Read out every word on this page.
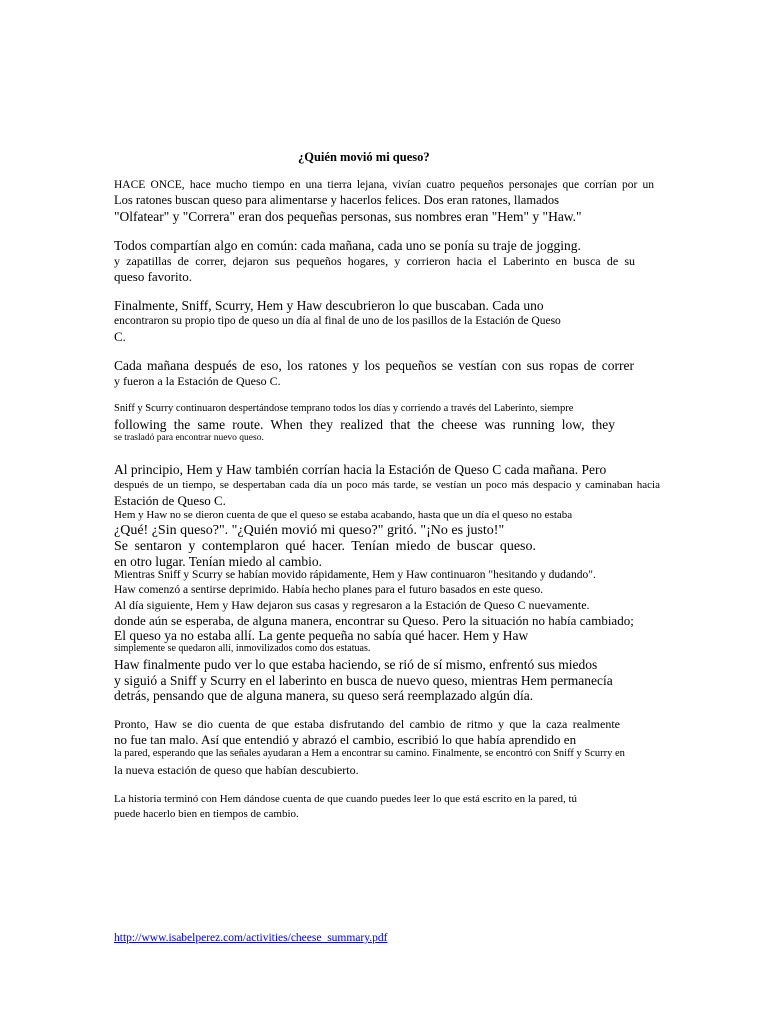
¿Quién movió mi queso?
HACE ONCE, hace mucho tiempo en una tierra lejana, vivían cuatro pequeños personajes que corrían por un
Los ratones buscan queso para alimentarse y hacerlos felices. Dos eran ratones, llamados
"Olfatear" y "Correra" eran dos pequeñas personas, sus nombres eran "Hem" y "Haw."
Todos compartían algo en común: cada mañana, cada uno se ponía su traje de jogging.
y zapatillas de correr, dejaron sus pequeños hogares, y corrieron hacia el Laberinto en busca de su
queso favorito.
Finalmente, Sniff, Scurry, Hem y Haw descubrieron lo que buscaban. Cada uno
encontraron su propio tipo de queso un día al final de uno de los pasillos de la Estación de Queso
C.
Cada mañana después de eso, los ratones y los pequeños se vestían con sus ropas de correr
y fueron a la Estación de Queso C.
Sniff y Scurry continuaron despertándose temprano todos los días y corriendo a través del Laberinto, siempre
following the same route. When they realized that the cheese was running low, they
se trasladó para encontrar nuevo queso.
Al principio, Hem y Haw también corrían hacia la Estación de Queso C cada mañana. Pero
después de un tiempo, se despertaban cada día un poco más tarde, se vestían un poco más despacio y caminaban hacia
Estación de Queso C.
Hem y Haw no se dieron cuenta de que el queso se estaba acabando, hasta que un día el queso no estaba
¿Qué! ¿Sin queso?". "¿Quién movió mi queso?" gritó. "¡No es justo!"
Se sentaron y contemplaron qué hacer. Tenían miedo de buscar queso.
en otro lugar. Tenían miedo al cambio.
Mientras Sniff y Scurry se habían movido rápidamente, Hem y Haw continuaron "hesitando y dudando".
Haw comenzó a sentirse deprimido. Había hecho planes para el futuro basados en este queso.
Al día siguiente, Hem y Haw dejaron sus casas y regresaron a la Estación de Queso C nuevamente.
donde aún se esperaba, de alguna manera, encontrar su Queso. Pero la situación no había cambiado;
El queso ya no estaba allí. La gente pequeña no sabía qué hacer. Hem y Haw
simplemente se quedaron allí, inmovilizados como dos estatuas.
Haw finalmente pudo ver lo que estaba haciendo, se rió de sí mismo, enfrentó sus miedos
y siguió a Sniff y Scurry en el laberinto en busca de nuevo queso, mientras Hem permanecía
detrás, pensando que de alguna manera, su queso será reemplazado algún día.
Pronto, Haw se dio cuenta de que estaba disfrutando del cambio de ritmo y que la caza realmente
no fue tan malo. Así que entendió y abrazó el cambio, escribió lo que había aprendido en
la pared, esperando que las señales ayudaran a Hem a encontrar su camino. Finalmente, se encontró con Sniff y Scurry en
la nueva estación de queso que habían descubierto.
La historia terminó con Hem dándose cuenta de que cuando puedes leer lo que está escrito en la pared, tú
puede hacerlo bien en tiempos de cambio.
http://www.isabelperez.com/activities/cheese_summary.pdf
